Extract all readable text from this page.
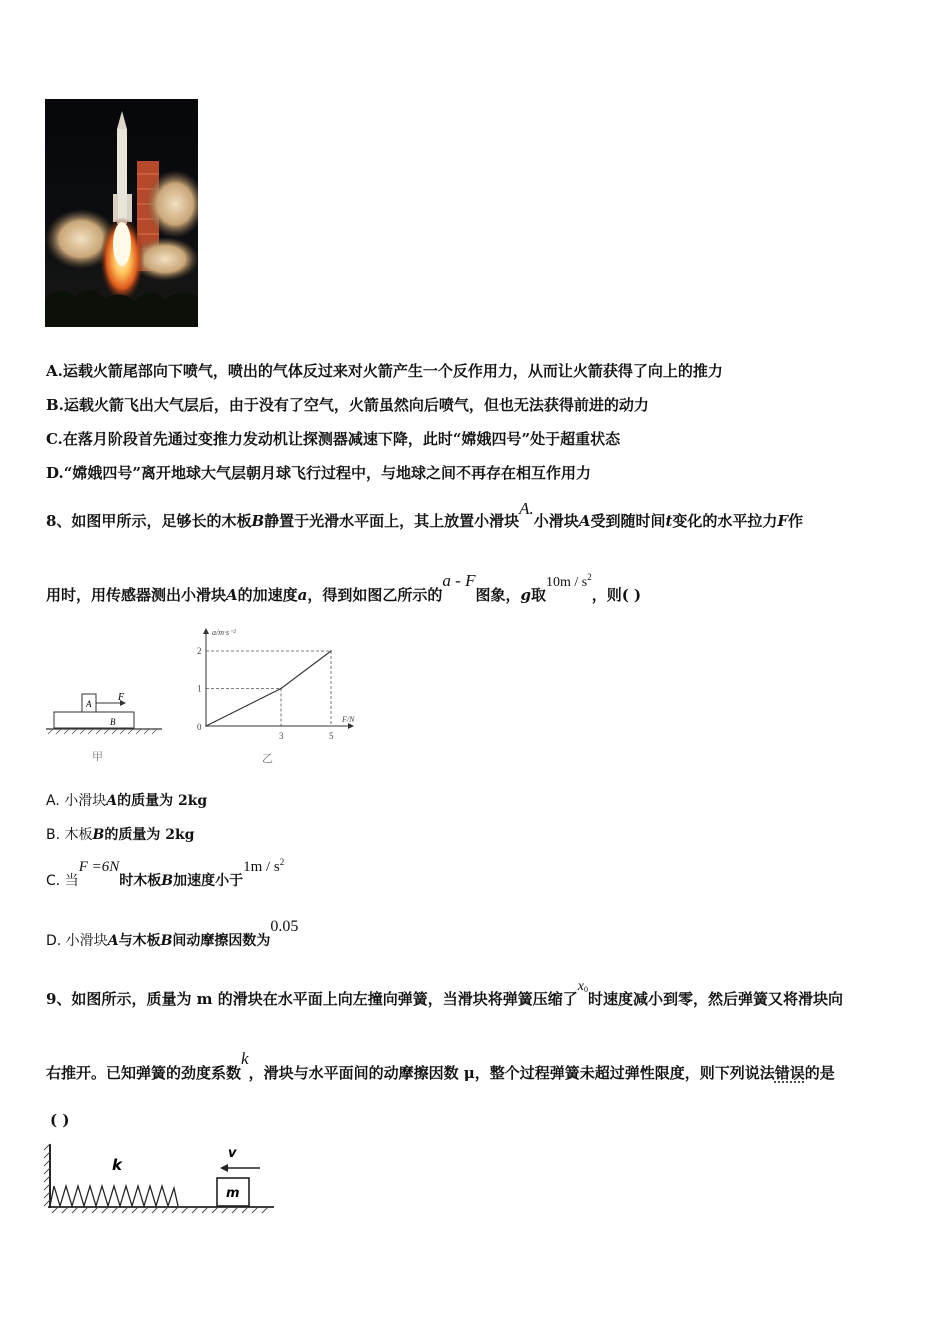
A.运载火箭尾部向下喷气，喷出的气体反过来对火箭产生一个反作用力，从而让火箭获得了向上的推力
B.运载火箭飞出大气层后，由于没有了空气，火箭虽然向后喷气，但也无法获得前进的动力
C.在落月阶段首先通过变推力发动机让探测器减速下降，此时“嫦娥四号”处于超重状态
D.“嫦娥四号”离开地球大气层朝月球飞行过程中，与地球之间不再存在相互作用力
8、如图甲所示，足够长的木板B静置于光滑水平面上，其上放置小滑块A.小滑块A受到随时间t变化的水平拉力F作
用时，用传感器测出小滑块A的加速度a，得到如图乙所示的a - F图象，g取$10m / s^2$，则( )
F
A
B
甲
a/m·s⁻²
F/N
0
1
3
2
5
乙
A. 小滑块A的质量为 2kg
B. 木板B的质量为 2kg
C. 当F =6N时木板B加速度小于$1m / s^2$
D. 小滑块A与木板B间动摩擦因数为0.05
9、如图所示，质量为 m 的滑块在水平面上向左撞向弹簧，当滑块将弹簧压缩了x0时速度减小到零，然后弹簧又将滑块向
右推开。已知弹簧的劲度系数k，滑块与水平面间的动摩擦因数 μ，整个过程弹簧未超过弹性限度，则下列说法错误的是
( )
k
m
v
